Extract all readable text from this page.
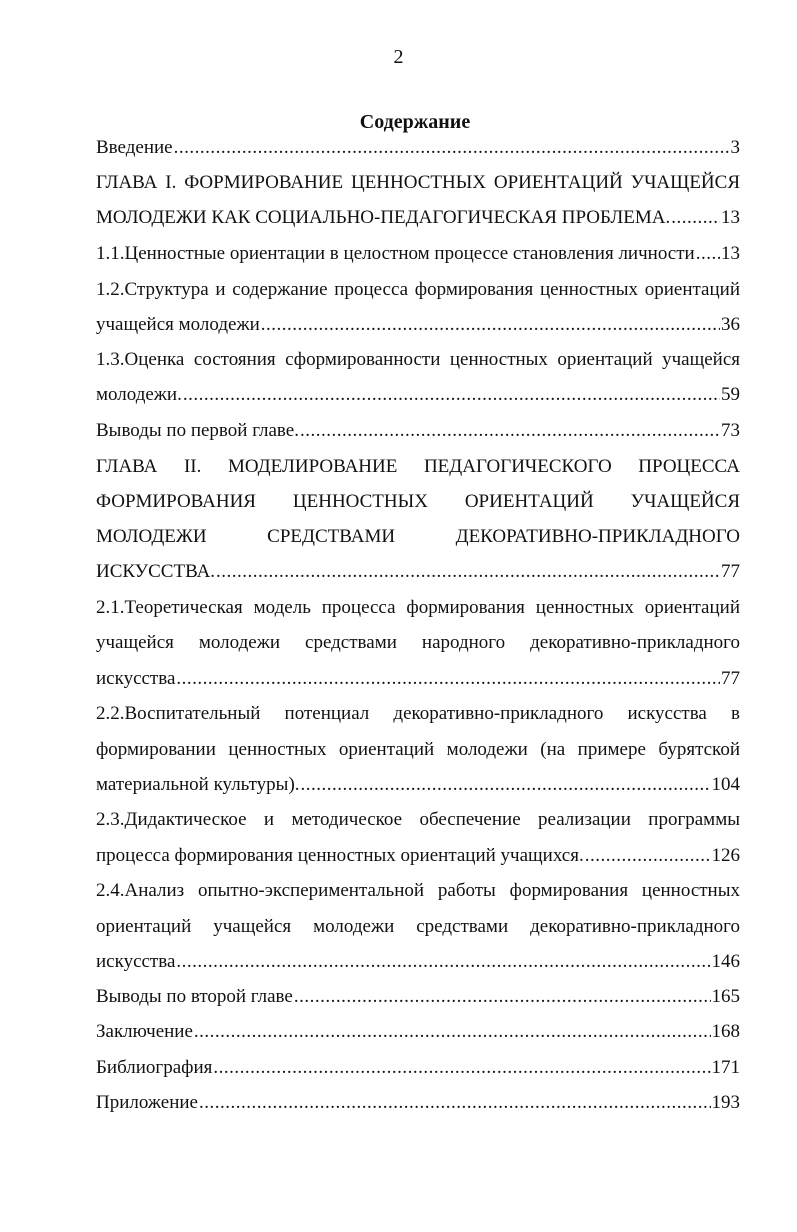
2
Содержание
Введение .....	3
ГЛАВА I. ФОРМИРОВАНИЕ ЦЕННОСТНЫХ ОРИЕНТАЦИЙ УЧАЩЕЙСЯ
МОЛОДЕЖИ КАК СОЦИАЛЬНО-ПЕДАГОГИЧЕСКАЯ ПРОБЛЕМА. .....	13
1.1.Ценностные ориентации в целостном процессе становления личности ..... 13
1.2.Структура и содержание процесса формирования ценностных ориентаций
учащейся молодежи .....	36
1.3.Оценка состояния сформированности ценностных ориентаций учащейся
молодежи. .....	59
Выводы по первой главе. .....	73
ГЛАВА II. МОДЕЛИРОВАНИЕ ПЕДАГОГИЧЕСКОГО ПРОЦЕССА
ФОРМИРОВАНИЯ ЦЕННОСТНЫХ ОРИЕНТАЦИЙ УЧАЩЕЙСЯ
МОЛОДЕЖИ СРЕДСТВАМИ ДЕКОРАТИВНО-ПРИКЛАДНОГО
ИСКУССТВА. .....	77
2.1.Теоретическая модель процесса формирования ценностных ориентаций
учащейся молодежи средствами народного декоративно-прикладного
искусства .....	77
2.2.Воспитательный потенциал декоративно-прикладного искусства в
формировании ценностных ориентаций молодежи (на примере бурятской
материальной культуры). .....	104
2.3.Дидактическое и методическое обеспечение реализации программы
процесса формирования ценностных ориентаций учащихся. .....	126
2.4.Анализ опытно-экспериментальной работы формирования ценностных
ориентаций учащейся молодежи средствами декоративно-прикладного
искусства .....	146
Выводы по второй главе .....	165
Заключение .....	168
Библиография .....	171
Приложение .....	193
